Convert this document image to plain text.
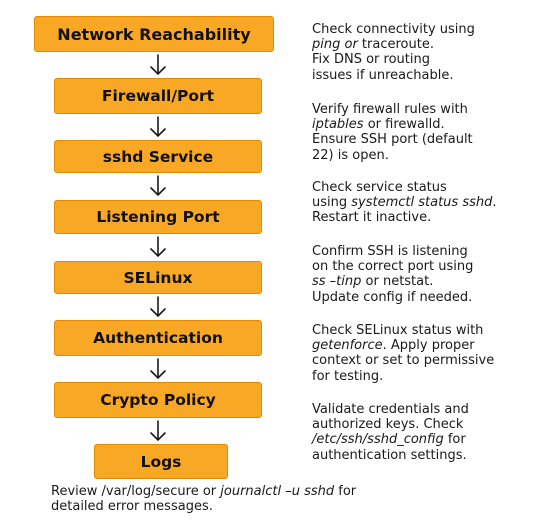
Network Reachability
Firewall/Port
sshd Service
Listening Port
SELinux
Authentication
Crypto Policy
Logs
Check connectivity using
ping or traceroute.
Fix DNS or routing
issues if unreachable.
Verify firewall rules with
iptables or firewalld.
Ensure SSH port (default
22) is open.
Check service status
using systemctl status sshd.
Restart it inactive.
Confirm SSH is listening
on the correct port using
ss –tinp or netstat.
Update config if needed.
Check SELinux status with
getenforce. Apply proper
context or set to permissive
for testing.
Validate credentials and
authorized keys. Check
/etc/ssh/sshd_config for
authentication settings.
Review /var/log/secure or journalctl –u sshd for
detailed error messages.
